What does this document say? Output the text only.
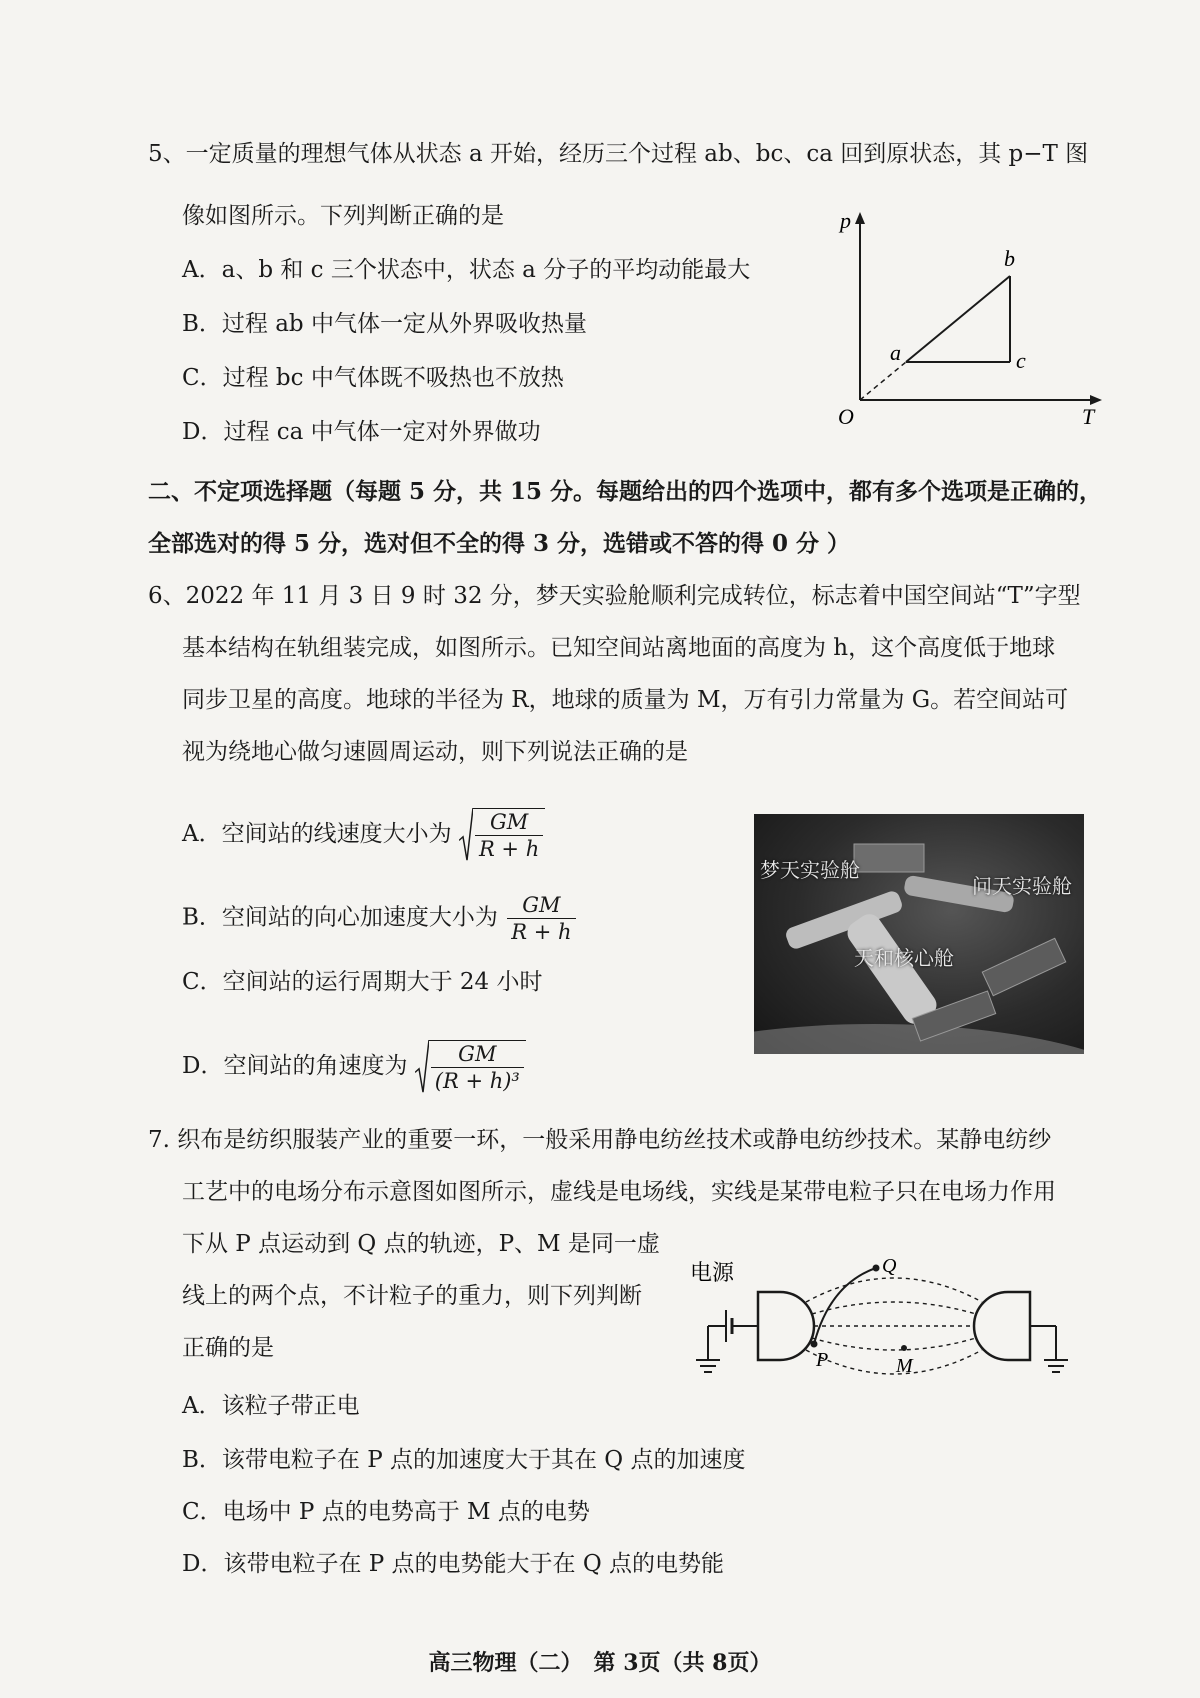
5、一定质量的理想气体从状态 a 开始，经历三个过程 ab、bc、ca 回到原状态，其 p−T 图
像如图所示。下列判断正确的是
A．a、b 和 c 三个状态中，状态 a 分子的平均动能最大
B．过程 ab 中气体一定从外界吸收热量
C．过程 bc 中气体既不吸热也不放热
D．过程 ca 中气体一定对外界做功
p
T
O
a
b
c
二、不定项选择题（每题 5 分，共 15 分。每题给出的四个选项中，都有多个选项是正确的，
全部选对的得 5 分，选对但不全的得 3 分，选错或不答的得 0 分 ）
6、2022 年 11 月 3 日 9 时 32 分，梦天实验舱顺利完成转位，标志着中国空间站“T”字型
基本结构在轨组装完成，如图所示。已知空间站离地面的高度为 h，这个高度低于地球
同步卫星的高度。地球的半径为 R，地球的质量为 M，万有引力常量为 G。若空间站可
视为绕地心做匀速圆周运动，则下列说法正确的是
A．空间站的线速度大小为 $\frac{GM}{R + h}$
B．空间站的向心加速度大小为 $\frac{GM}{R + h}$
C．空间站的运行周期大于 24 小时
D．空间站的角速度为 $\frac{GM}{\text{(R + h)³}}$
梦天实验舱
问天实验舱
天和核心舱
7. 织布是纺织服装产业的重要一环，一般采用静电纺丝技术或静电纺纱技术。某静电纺纱
工艺中的电场分布示意图如图所示，虚线是电场线，实线是某带电粒子只在电场力作用
下从 P 点运动到 Q 点的轨迹，P、M 是同一虚
线上的两个点，不计粒子的重力，则下列判断
正确的是
A．该粒子带正电
B．该带电粒子在 P 点的加速度大于其在 Q 点的加速度
C．电场中 P 点的电势高于 M 点的电势
D．该带电粒子在 P 点的电势能大于在 Q 点的电势能
电源
P
Q
M
高三物理（二）　第 3页（共 8页）
